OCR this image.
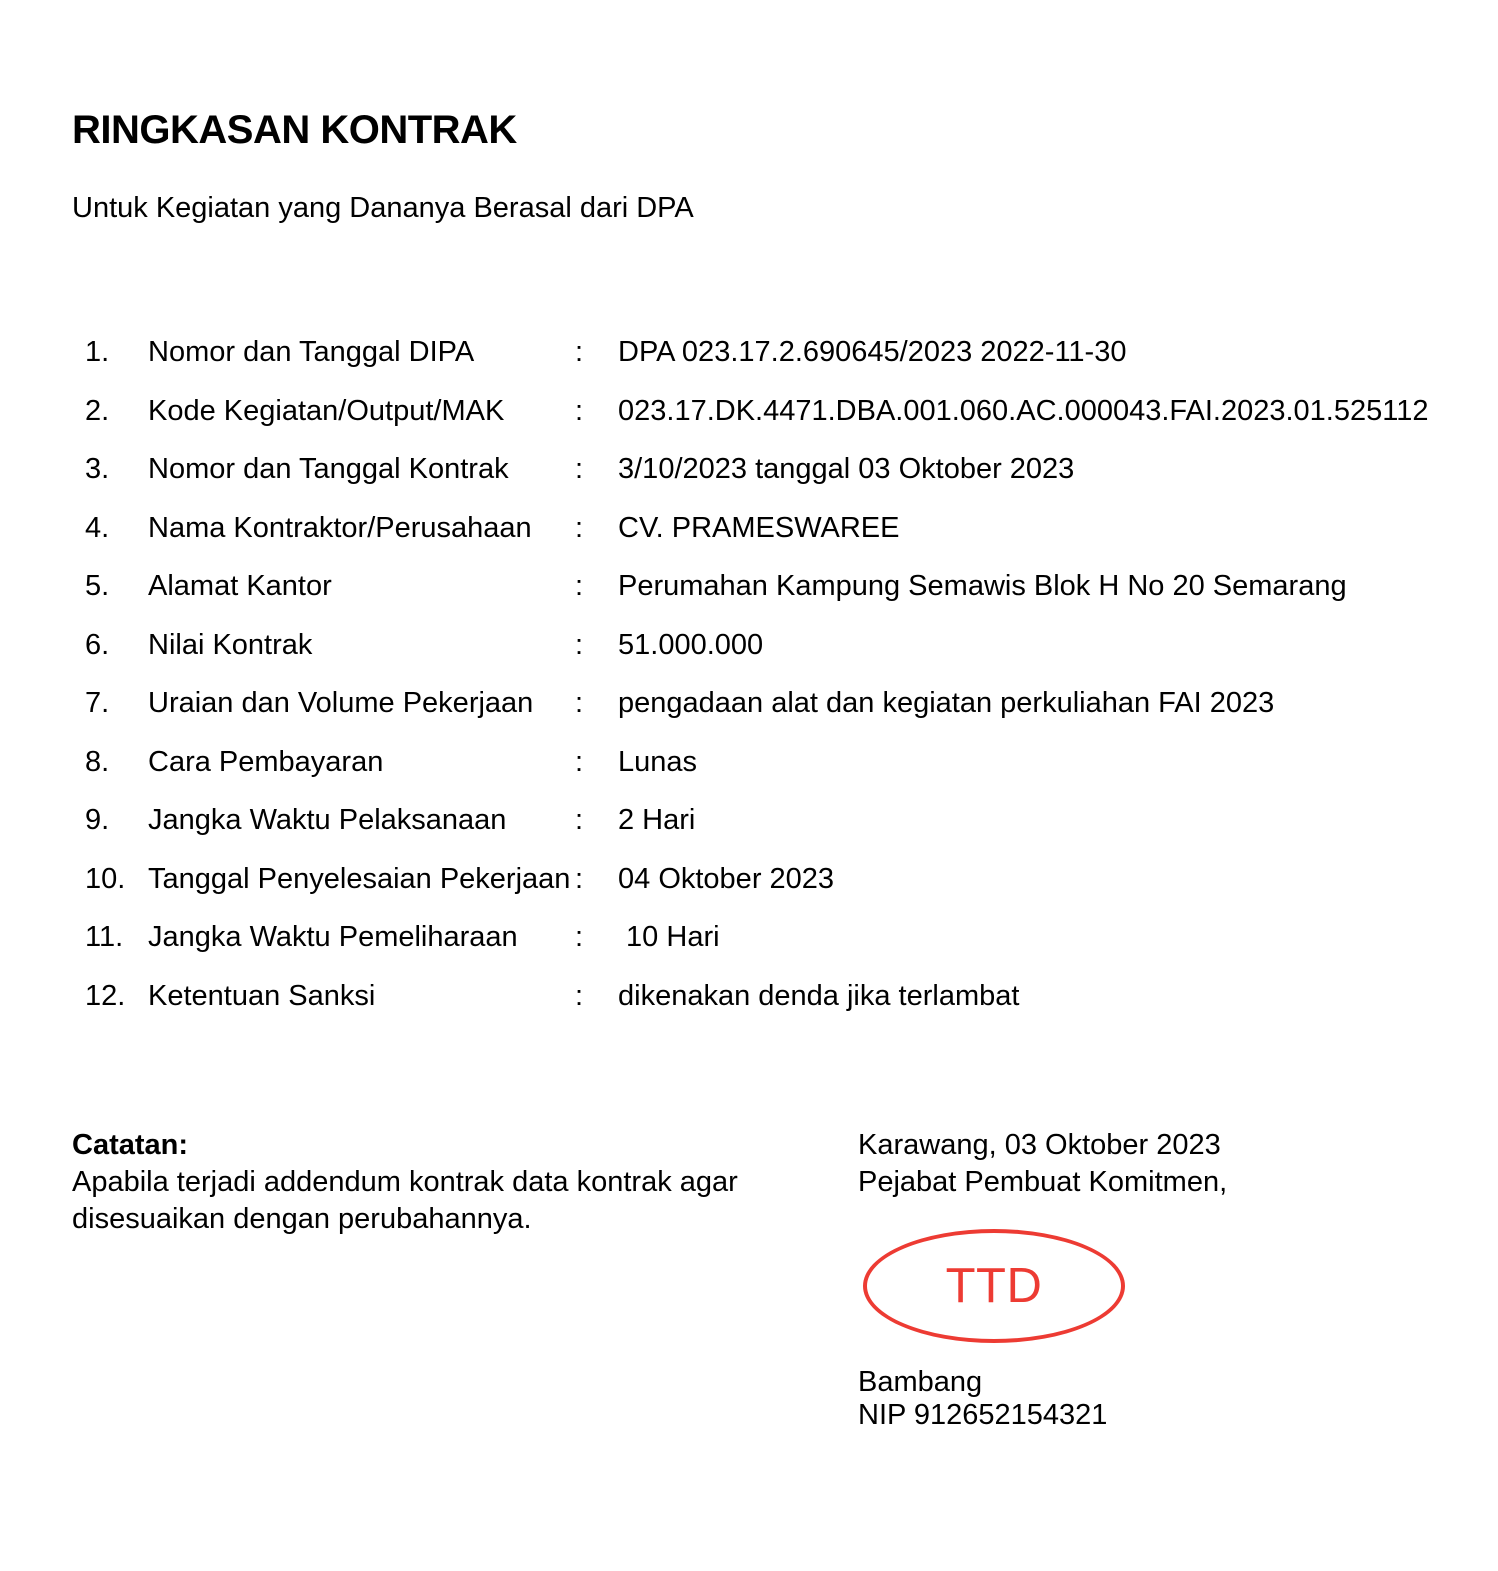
RINGKASAN KONTRAK

Untuk Kegiatan yang Dananya Berasal dari DPA

1.	Nomor dan Tanggal DIPA	:	DPA 023.17.2.690645/2023 2022-11-30
2.	Kode Kegiatan/Output/MAK	:	023.17.DK.4471.DBA.001.060.AC.000043.FAI.2023.01.525112
3.	Nomor dan Tanggal Kontrak	:	3/10/2023 tanggal 03 Oktober 2023
4.	Nama Kontraktor/Perusahaan	:	CV. PRAMESWAREE
5.	Alamat Kantor	:	Perumahan Kampung Semawis Blok H No 20 Semarang
6.	Nilai Kontrak	:	51.000.000
7.	Uraian dan Volume Pekerjaan	:	pengadaan alat dan kegiatan perkuliahan FAI 2023
8.	Cara Pembayaran	:	Lunas
9.	Jangka Waktu Pelaksanaan	:	2 Hari
10. Tanggal Penyelesaian Pekerjaan :	04 Oktober 2023
11. Jangka Waktu Pemeliharaan	:	10 Hari
12. Ketentuan Sanksi	:	dikenakan denda jika terlambat
Catatan:
Apabila terjadi addendum kontrak data kontrak agar
disesuaikan dengan perubahannya.
Karawang, 03 Oktober 2023
Pejabat Pembuat Komitmen,
TTD
Bambang
NIP 912652154321
